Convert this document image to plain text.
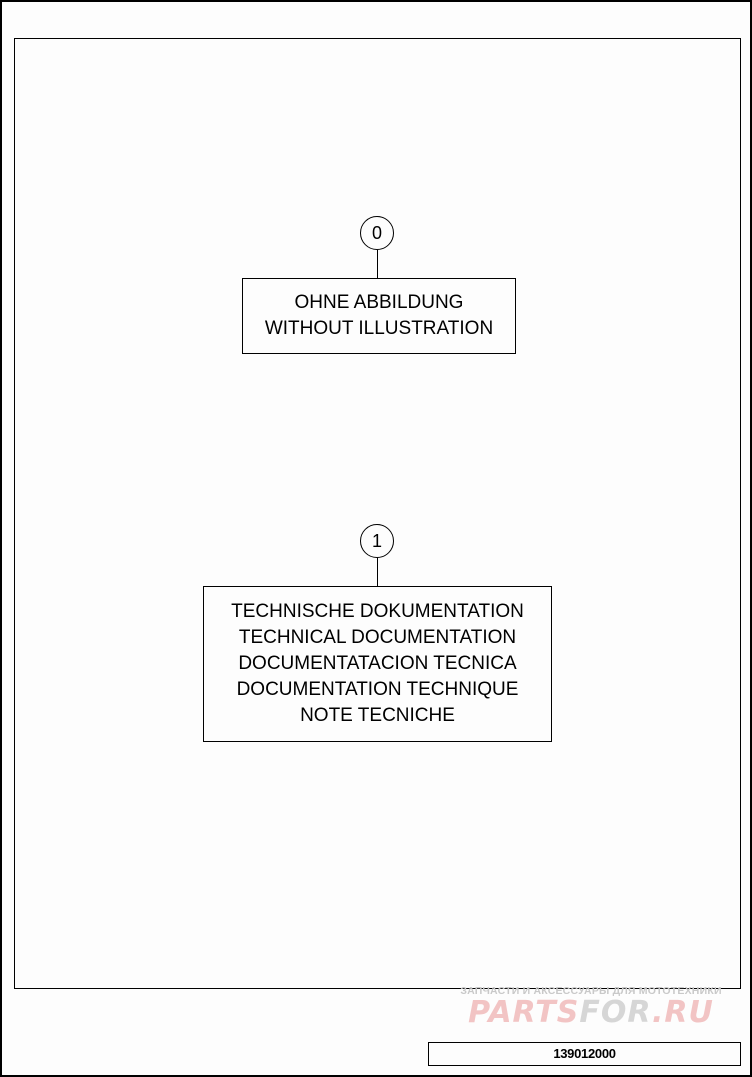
0
OHNE ABBILDUNG
WITHOUT ILLUSTRATION
1
TECHNISCHE DOKUMENTATION
TECHNICAL DOCUMENTATION
DOCUMENTATACION TECNICA
DOCUMENTATION TECHNIQUE
NOTE TECNICHE
ЗАПЧАСТИ И АКСЕССУАРЫ ДЛЯ МОТОТЕХНИКИ
PARTSFOR.RU
139012000
